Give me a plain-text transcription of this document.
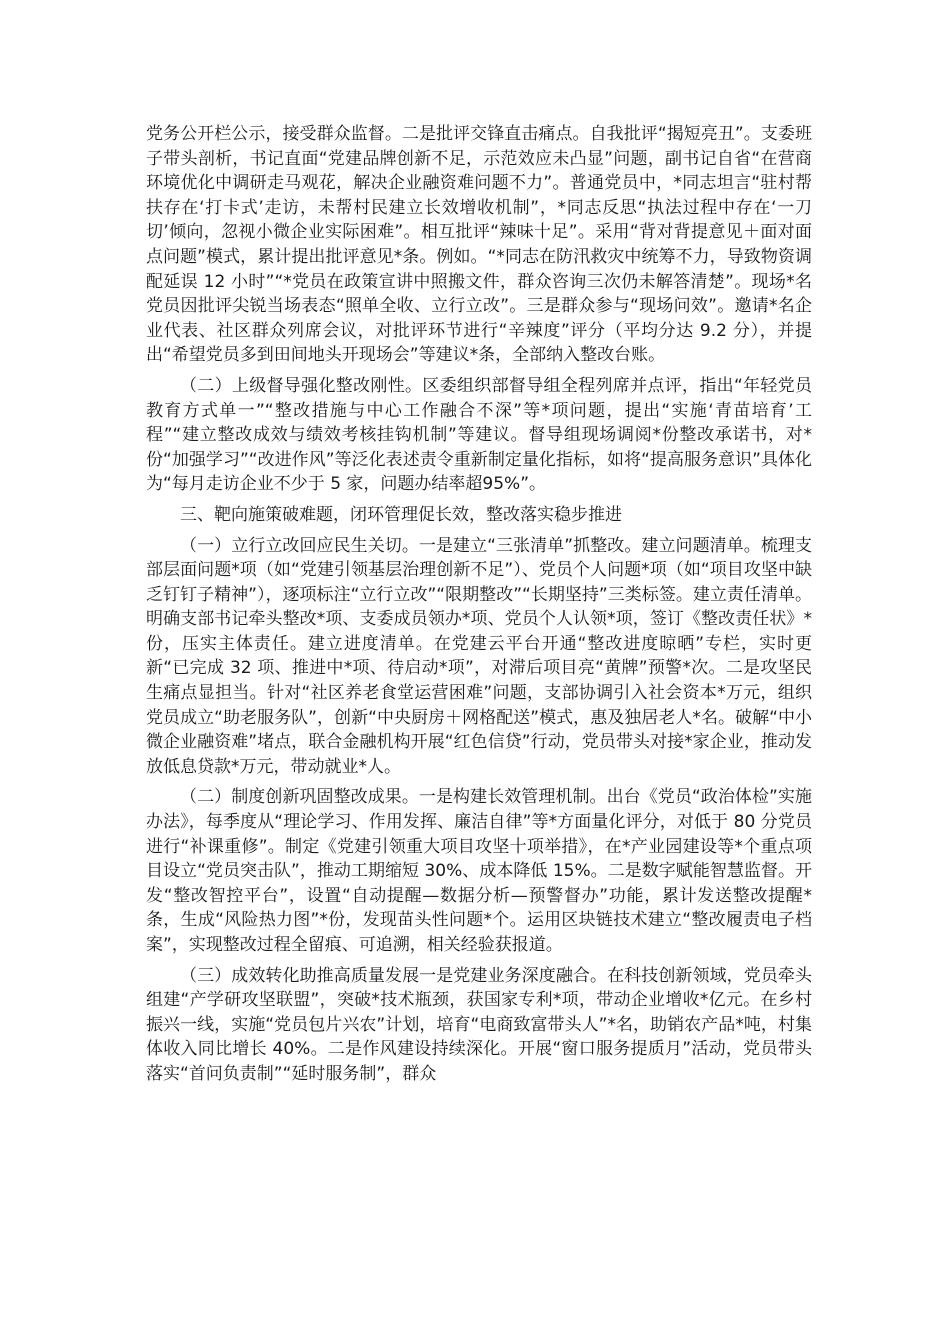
党务公开栏公示，接受群众监督。二是批评交锋直击痛点。自我批评“揭短亮丑”。支委班子带头剖析，书记直面“党建品牌创新不足，示范效应未凸显”问题，副书记自省“在营商环境优化中调研走马观花，解决企业融资难问题不力”。普通党员中，*同志坦言“驻村帮扶存在‘打卡式’走访，未帮村民建立长效增收机制”，*同志反思“执法过程中存在‘一刀切’倾向，忽视小微企业实际困难”。相互批评“辣味十足”。采用“背对背提意见＋面对面点问题”模式，累计提出批评意见*条。例如。“*同志在防汛救灾中统筹不力，导致物资调配延误 12 小时”“*党员在政策宣讲中照搬文件，群众咨询三次仍未解答清楚”。现场*名党员因批评尖锐当场表态“照单全收、立行立改”。三是群众参与“现场问效”。邀请*名企业代表、社区群众列席会议，对批评环节进行“辛辣度”评分（平均分达 9.2 分），并提出“希望党员多到田间地头开现场会”等建议*条，全部纳入整改台账。

（二）上级督导强化整改刚性。区委组织部督导组全程列席并点评，指出“年轻党员教育方式单一”“整改措施与中心工作融合不深”等*项问题，提出“实施‘青苗培育’工程”“建立整改成效与绩效考核挂钩机制”等建议。督导组现场调阅*份整改承诺书，对*份“加强学习”“改进作风”等泛化表述责令重新制定量化指标，如将“提高服务意识”具体化为“每月走访企业不少于 5 家，问题办结率超95%”。

三、靶向施策破难题，闭环管理促长效，整改落实稳步推进

（一）立行立改回应民生关切。一是建立“三张清单”抓整改。建立问题清单。梳理支部层面问题*项（如“党建引领基层治理创新不足”）、党员个人问题*项（如“项目攻坚中缺乏钉钉子精神”），逐项标注“立行立改”“限期整改”“长期坚持”三类标签。建立责任清单。明确支部书记牵头整改*项、支委成员领办*项、党员个人认领*项，签订《整改责任状》*份，压实主体责任。建立进度清单。在党建云平台开通“整改进度晾晒”专栏，实时更新“已完成 32 项、推进中*项、待启动*项”，对滞后项目亮“黄牌”预警*次。二是攻坚民生痛点显担当。针对“社区养老食堂运营困难”问题，支部协调引入社会资本*万元，组织党员成立“助老服务队”，创新“中央厨房＋网格配送”模式，惠及独居老人*名。破解“中小微企业融资难”堵点，联合金融机构开展“红色信贷”行动，党员带头对接*家企业，推动发放低息贷款*万元，带动就业*人。

（二）制度创新巩固整改成果。一是构建长效管理机制。出台《党员“政治体检”实施办法》，每季度从“理论学习、作用发挥、廉洁自律”等*方面量化评分，对低于 80 分党员进行“补课重修”。制定《党建引领重大项目攻坚十项举措》，在*产业园建设等*个重点项目设立“党员突击队”，推动工期缩短 30%、成本降低 15%。二是数字赋能智慧监督。开发“整改智控平台”，设置“自动提醒—数据分析—预警督办”功能，累计发送整改提醒*条，生成“风险热力图”*份，发现苗头性问题*个。运用区块链技术建立“整改履责电子档案”，实现整改过程全留痕、可追溯，相关经验获报道。

（三）成效转化助推高质量发展一是党建业务深度融合。在科技创新领域，党员牵头组建“产学研攻坚联盟”，突破*技术瓶颈，获国家专利*项，带动企业增收*亿元。在乡村振兴一线，实施“党员包片兴农”计划，培育“电商致富带头人”*名，助销农产品*吨，村集体收入同比增长 40%。二是作风建设持续深化。开展“窗口服务提质月”活动，党员带头落实“首问负责制”“延时服务制”，群众
